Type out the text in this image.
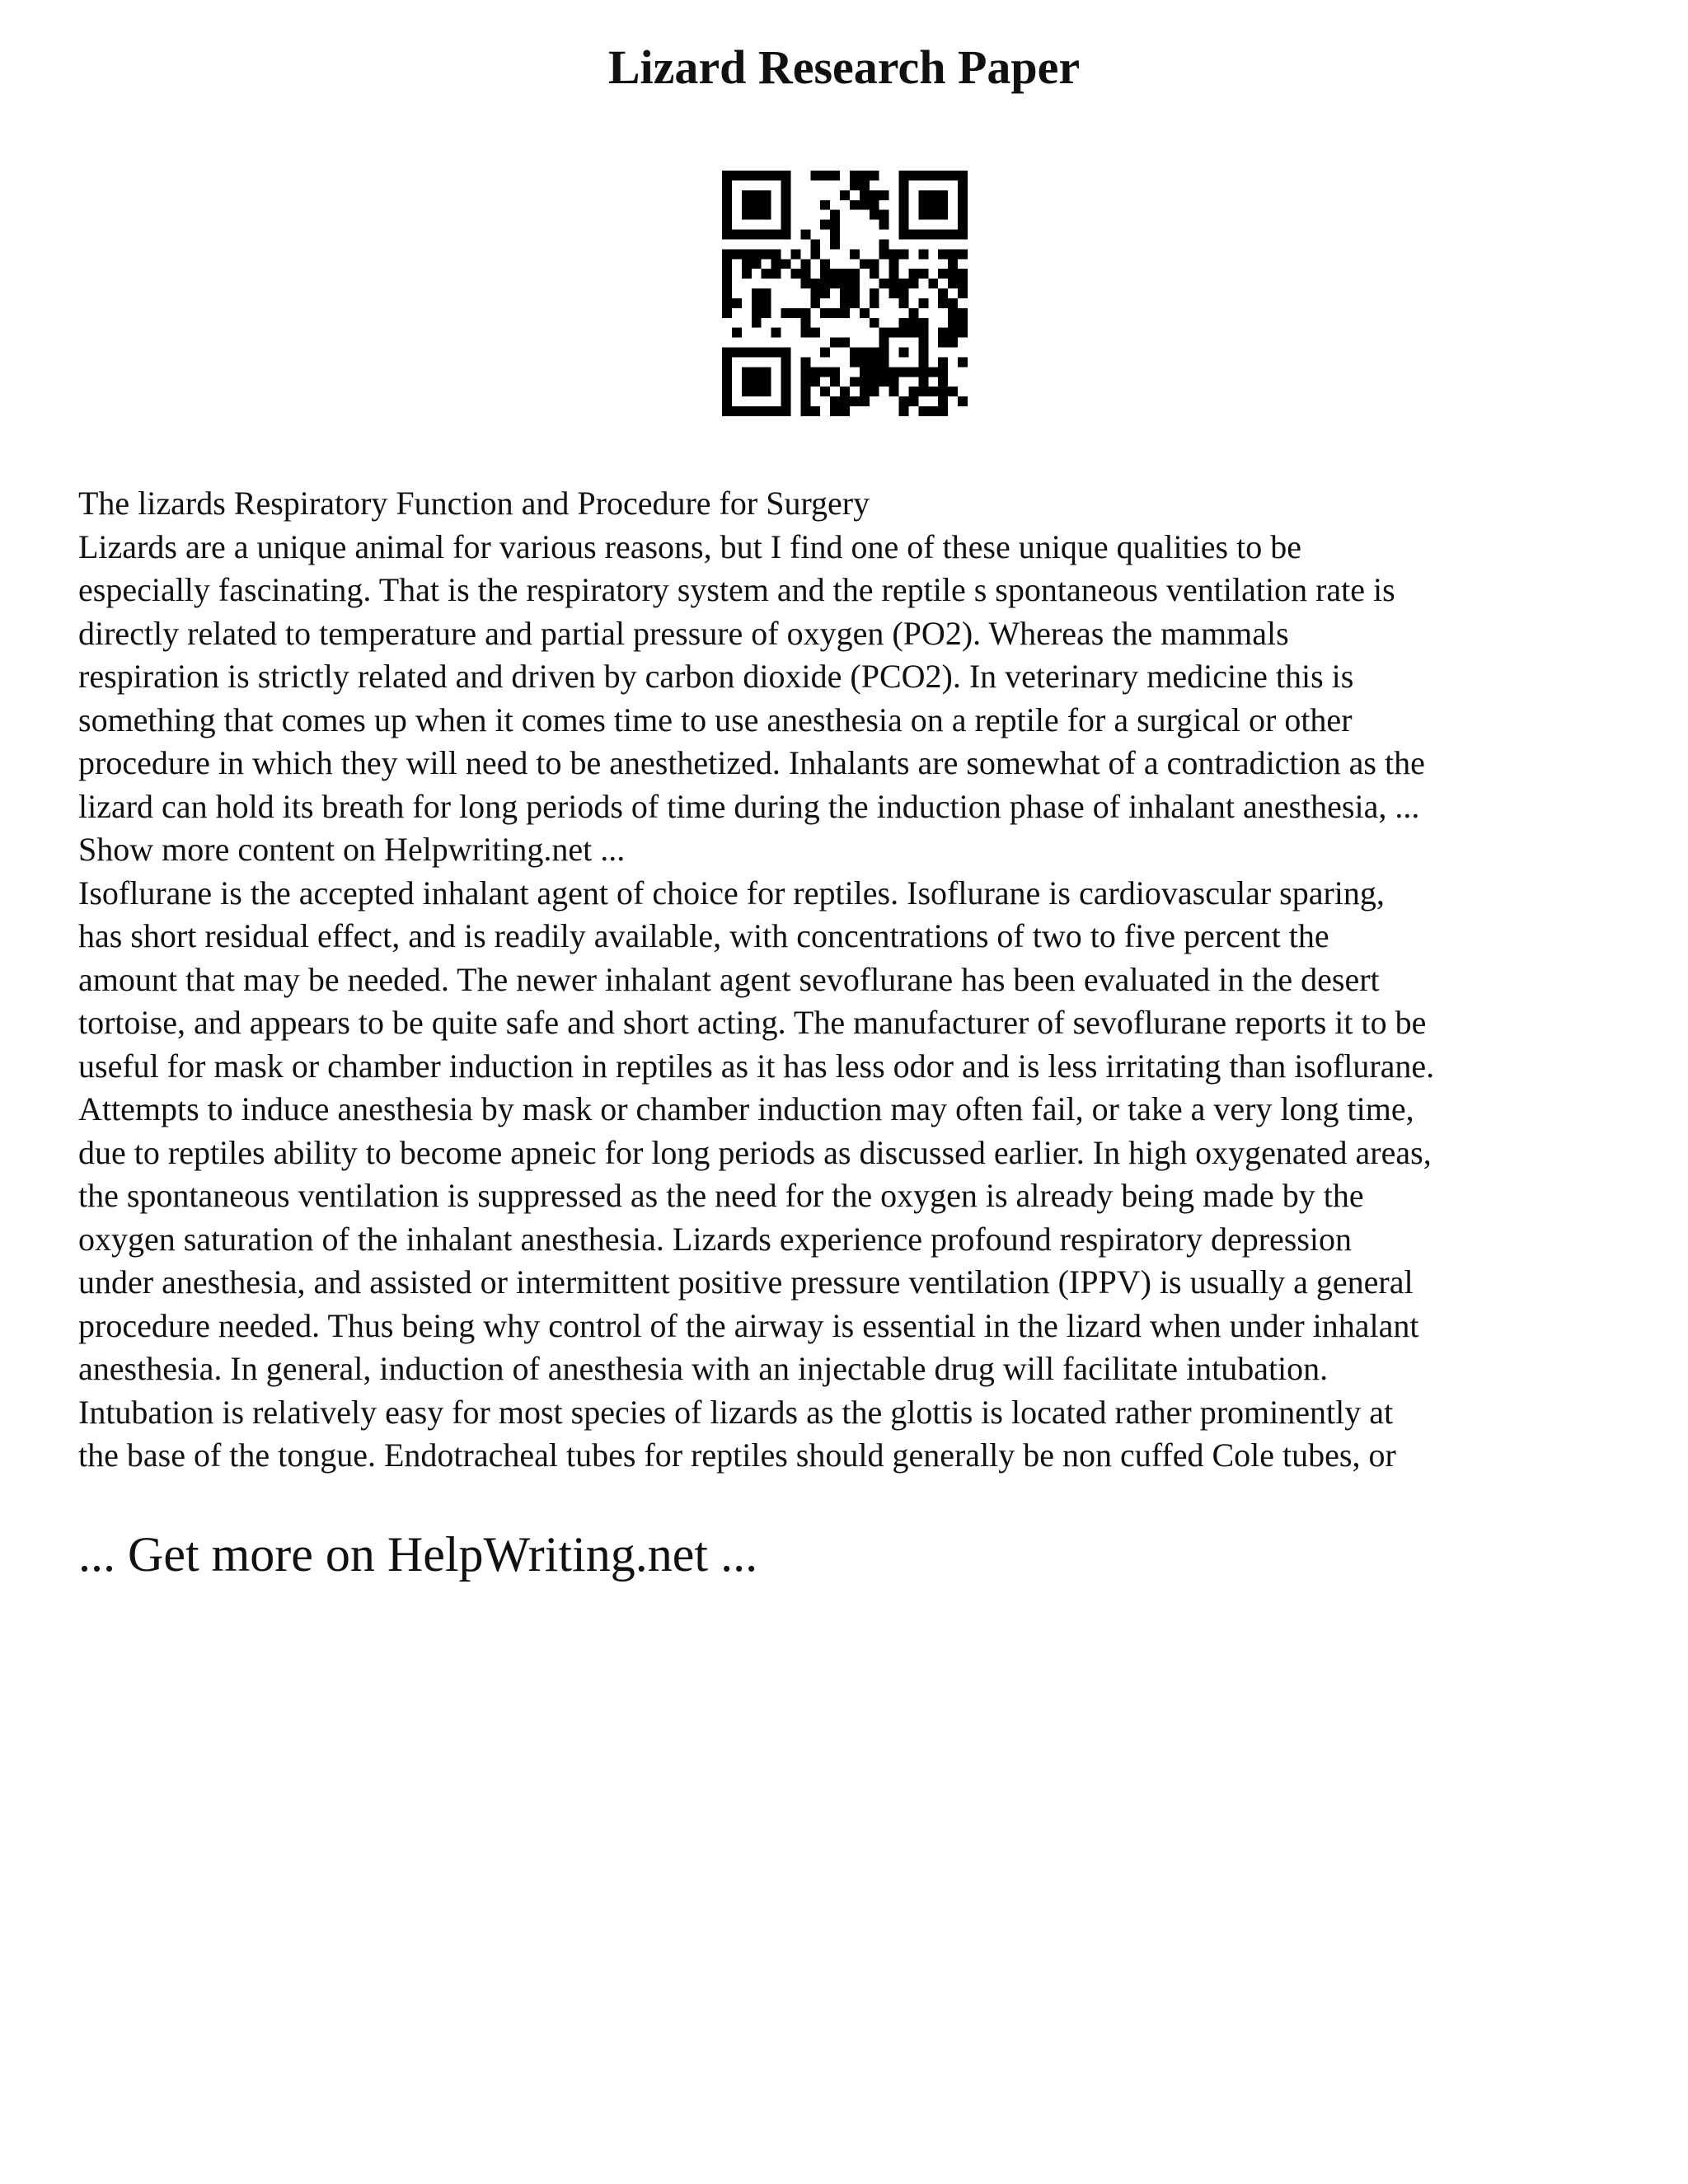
Lizard Research Paper

The lizards Respiratory Function and Procedure for Surgery

Lizards are a unique animal for various reasons, but I find one of these unique qualities to be

especially fascinating. That is the respiratory system and the reptile s spontaneous ventilation rate is

directly related to temperature and partial pressure of oxygen (PO2). Whereas the mammals

respiration is strictly related and driven by carbon dioxide (PCO2). In veterinary medicine this is

something that comes up when it comes time to use anesthesia on a reptile for a surgical or other

procedure in which they will need to be anesthetized. Inhalants are somewhat of a contradiction as the

lizard can hold its breath for long periods of time during the induction phase of inhalant anesthesia, ...

Show more content on Helpwriting.net ...

Isoflurane is the accepted inhalant agent of choice for reptiles. Isoflurane is cardiovascular sparing,

has short residual effect, and is readily available, with concentrations of two to five percent the

amount that may be needed. The newer inhalant agent sevoflurane has been evaluated in the desert

tortoise, and appears to be quite safe and short acting. The manufacturer of sevoflurane reports it to be

useful for mask or chamber induction in reptiles as it has less odor and is less irritating than isoflurane.

Attempts to induce anesthesia by mask or chamber induction may often fail, or take a very long time,

due to reptiles ability to become apneic for long periods as discussed earlier. In high oxygenated areas,

the spontaneous ventilation is suppressed as the need for the oxygen is already being made by the

oxygen saturation of the inhalant anesthesia. Lizards experience profound respiratory depression

under anesthesia, and assisted or intermittent positive pressure ventilation (IPPV) is usually a general

procedure needed. Thus being why control of the airway is essential in the lizard when under inhalant

anesthesia. In general, induction of anesthesia with an injectable drug will facilitate intubation.

Intubation is relatively easy for most species of lizards as the glottis is located rather prominently at

the base of the tongue. Endotracheal tubes for reptiles should generally be non cuffed Cole tubes, or

... Get more on HelpWriting.net ...
